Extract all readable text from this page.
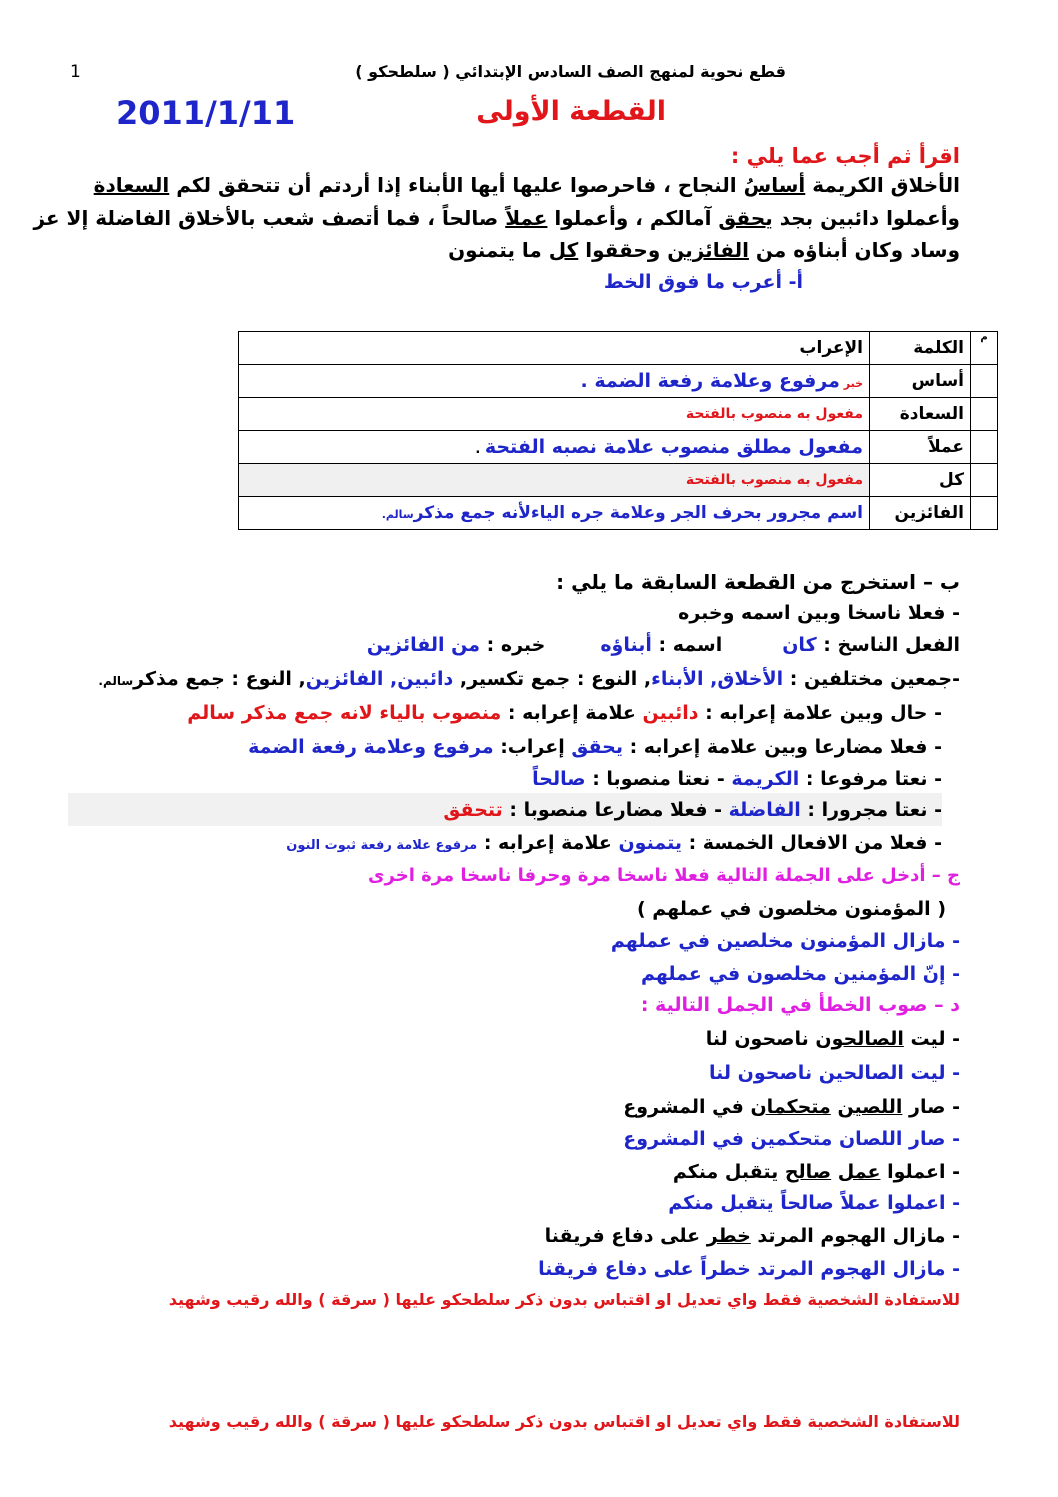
قطع نحوية لمنهج الصف السادس الإبتدائي ( سلطحكو )
1
2011/1/11	القطعة الأولى
اقرأ ثم أجب عما يلي :
الأخلاق الكريمة أساسُ النجاح ، فاحرصوا عليها أيها الأبناء إذا أردتم أن تتحقق لكم السعادة
وأعملوا دائبين بجد يحقق آمالكم ، وأعملوا عملاً صالحاً ، فما أتصف شعب بالأخلاق الفاضلة إلا عز
وساد وكان أبناؤه من الفائزين وحققوا كل ما يتمنون
أ- أعرب ما فوق الخط
م	الكلمة	الإعراب
	أساس	خبر مرفوع وعلامة رفعة الضمة .
	السعادة	مفعول به منصوب بالفتحة
	عملاً	مفعول مطلق منصوب علامة نصبه الفتحة .
	كل	مفعول به منصوب بالفتحة
	الفائزين	اسم مجرور بحرف الجر وعلامة جره الياءلأنه جمع مذكرسالم.
ب – استخرج من القطعة السابقة ما يلي :
- فعلا ناسخا وبين اسمه وخبره
الفعل الناسخ : كاناسمه : أبناؤهخبره : من الفائزين
-جمعين مختلفين : الأخلاق, الأبناء, النوع : جمع تكسير, دائبين, الفائزين, النوع : جمع مذكرسالم.
- حال وبين علامة إعرابه : دائبين علامة إعرابه : منصوب بالياء لانه جمع مذكر سالم
- فعلا مضارعا وبين علامة إعرابه : يحقق إعراب: مرفوع وعلامة رفعة الضمة
- نعتا مرفوعا : الكريمة - نعتا منصوبا : صالحاً
- نعتا مجرورا : الفاضلة - فعلا مضارعا منصوبا : تتحقق
- فعلا من الافعال الخمسة : يتمنون علامة إعرابه : مرفوع علامة رفعة ثبوت النون
ج – أدخل على الجملة التالية فعلا ناسخا مرة وحرفا ناسخا مرة اخرى
( المؤمنون مخلصون في عملهم )
- مازال المؤمنون مخلصين في عملهم
- إنّ المؤمنين مخلصون في عملهم
د – صوب الخطأ في الجمل التالية :
- ليت الصالحون ناصحون لنا
- ليت الصالحين ناصحون لنا
- صار اللصين متحكمان في المشروع
- صار اللصان متحكمين في المشروع
- اعملوا عمل صالح يتقبل منكم
- اعملوا عملاً صالحاً يتقبل منكم
- مازال الهجوم المرتد خطر على دفاع فريقنا
- مازال الهجوم المرتد خطراً على دفاع فريقنا
للاستفادة الشخصية فقط واي تعديل او اقتباس بدون ذكر سلطحكو عليها ( سرقة ) والله رقيب وشهيد
للاستفادة الشخصية فقط واي تعديل او اقتباس بدون ذكر سلطحكو عليها ( سرقة ) والله رقيب وشهيد
